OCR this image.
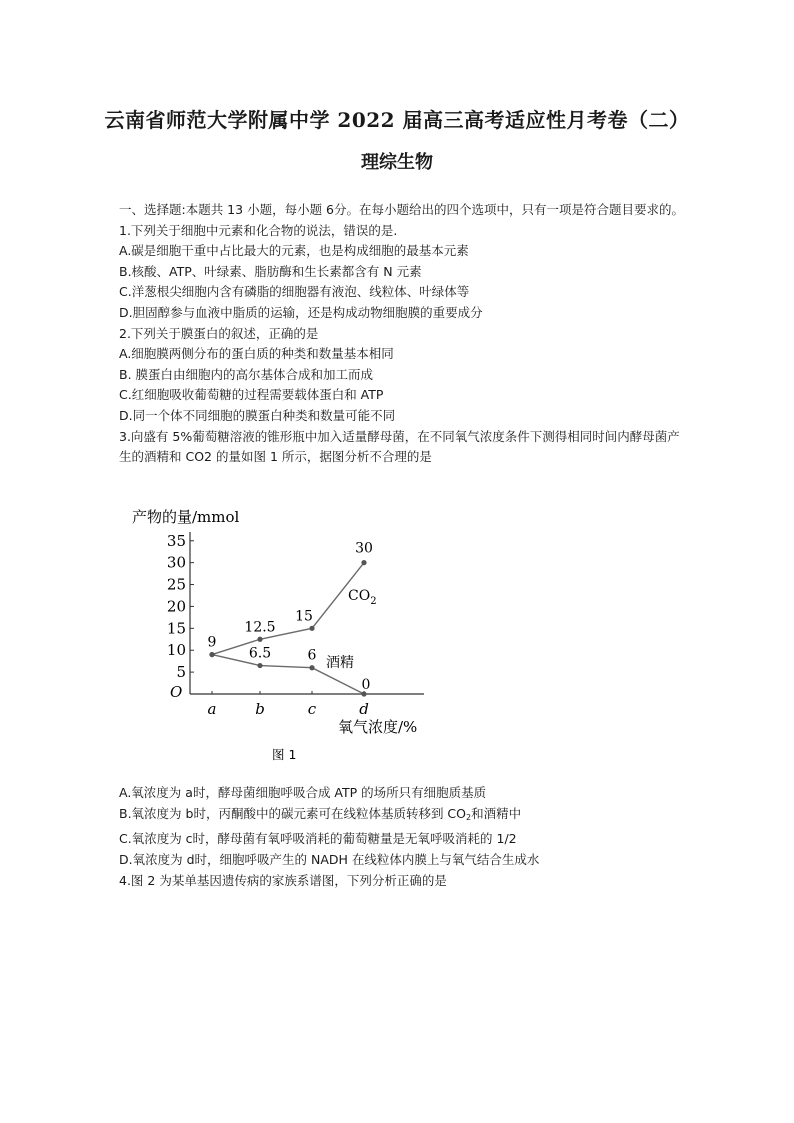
云南省师范大学附属中学 2022 届高三高考适应性月考卷（二）
理综生物

一、选择题:本题共 13 小题，每小题 6分。在每小题给出的四个选项中，只有一项是符合题目要求的。

1.下列关于细胞中元素和化合物的说法，错误的是.

A.碳是细胞干重中占比最大的元素，也是构成细胞的最基本元素

B.核酸、ATP、叶绿素、脂肪酶和生长素都含有 N 元素

C.洋葱根尖细胞内含有磷脂的细胞器有液泡、线粒体、叶绿体等

D.胆固醇参与血液中脂质的运输，还是构成动物细胞膜的重要成分

2.下列关于膜蛋白的叙述，正确的是

A.细胞膜两侧分布的蛋白质的种类和数量基本相同

B. 膜蛋白由细胞内的高尔基体合成和加工而成

C.红细胞吸收葡萄糖的过程需要载体蛋白和 ATP

D.同一个体不同细胞的膜蛋白种类和数量可能不同

3.向盛有 5%葡萄糖溶液的锥形瓶中加入适量酵母菌，在不同氧气浓度条件下测得相同时间内酵母菌产生的酒精和 CO2 的量如图 1 所示，据图分析不合理的是

产物的量/mmol
5
10
15
20
25
30
35
a	b	c	d
9
12.5
15
30
6.5	6
0
O
$CO_2$
酒精
氧气浓度/%
图 1

A.氧浓度为 a时，酵母菌细胞呼吸合成 ATP 的场所只有细胞质基质

B.氧浓度为 b时，丙酮酸中的碳元素可在线粒体基质转移到 $CO_2$和酒精中

C.氧浓度为 c时，酵母菌有氧呼吸消耗的葡萄糖量是无氧呼吸消耗的 1/2

D.氧浓度为 d时，细胞呼吸产生的 NADH 在线粒体内膜上与氧气结合生成水

4.图 2 为某单基因遗传病的家族系谱图，下列分析正确的是
